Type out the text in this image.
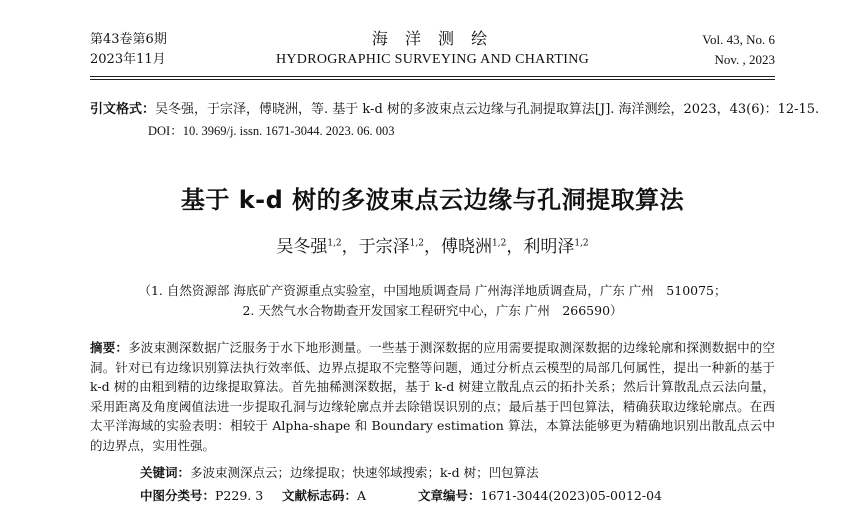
第43卷第6期
2023年11月
海 洋 测 绘
HYDROGRAPHIC SURVEYING AND CHARTING
Vol. 43, No. 6
Nov. , 2023
引文格式：吴冬强，于宗泽，傅晓洲，等. 基于 k-d 树的多波束点云边缘与孔洞提取算法[J]. 海洋测绘，2023，43(6)：12-15.
DOI：10. 3969/j. issn. 1671-3044. 2023. 06. 003
基于 k-d 树的多波束点云边缘与孔洞提取算法
吴冬强$^{1,2}$，于宗泽$^{1,2}$，傅晓洲$^{1,2}$，利明泽$^{1,2}$
（1. 自然资源部 海底矿产资源重点实验室，中国地质调查局 广州海洋地质调查局，广东 广州　510075；
2. 天然气水合物勘查开发国家工程研究中心，广东 广州　266590）
摘要：多波束测深数据广泛服务于水下地形测量。一些基于测深数据的应用需要提取测深数据的边缘轮廓和探测数据中的空洞。针对已有边缘识别算法执行效率低、边界点提取不完整等问题，通过分析点云模型的局部几何属性，提出一种新的基于 k-d 树的由粗到精的边缘提取算法。首先抽稀测深数据，基于 k-d 树建立散乱点云的拓扑关系；然后计算散乱点云法向量，采用距离及角度阈值法进一步提取孔洞与边缘轮廓点并去除错误识别的点；最后基于凹包算法，精确获取边缘轮廓点。在西太平洋海域的实验表明：相较于 Alpha-shape 和 Boundary estimation 算法，本算法能够更为精确地识别出散乱点云中的边界点，实用性强。
关键词：多波束测深点云；边缘提取；快速邻域搜索；k-d 树；凹包算法
中图分类号：P229. 3 文献标志码：A	文章编号：1671-3044(2023)05-0012-04
